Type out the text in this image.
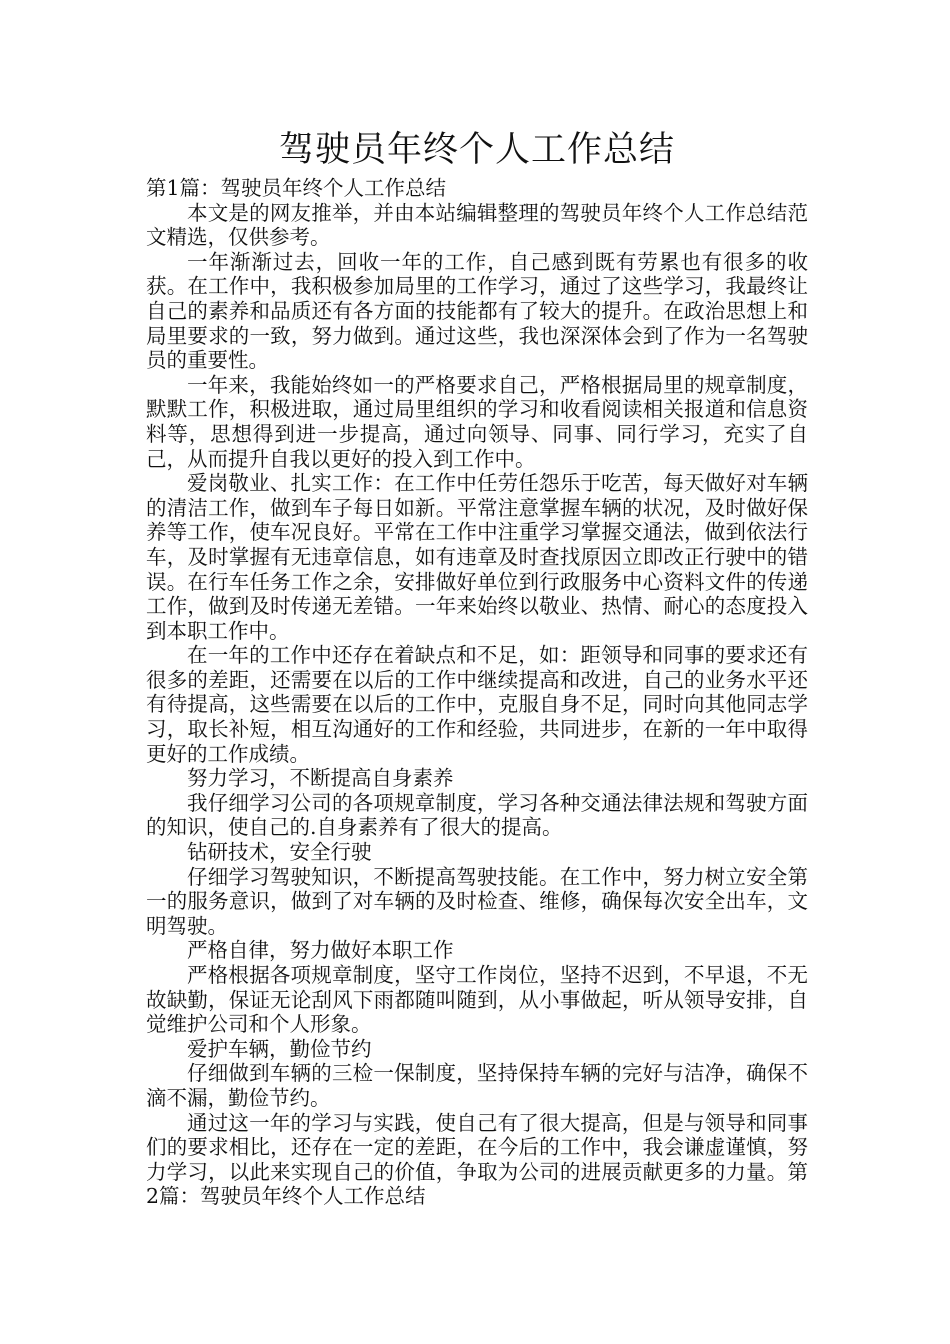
驾驶员年终个人工作总结

第1篇：驾驶员年终个人工作总结

本文是的网友推举，并由本站编辑整理的驾驶员年终个人工作总结范文精选，仅供参考。

一年渐渐过去，回收一年的工作，自己感到既有劳累也有很多的收获。在工作中，我积极参加局里的工作学习，通过了这些学习，我最终让自己的素养和品质还有各方面的技能都有了较大的提升。在政治思想上和局里要求的一致，努力做到。通过这些，我也深深体会到了作为一名驾驶员的重要性。

一年来，我能始终如一的严格要求自己，严格根据局里的规章制度，默默工作，积极进取，通过局里组织的学习和收看阅读相关报道和信息资料等，思想得到进一步提高，通过向领导、同事、同行学习，充实了自己，从而提升自我以更好的投入到工作中。

爱岗敬业、扎实工作：在工作中任劳任怨乐于吃苦，每天做好对车辆的清洁工作，做到车子每日如新。平常注意掌握车辆的状况，及时做好保养等工作，使车况良好。平常在工作中注重学习掌握交通法，做到依法行车，及时掌握有无违章信息，如有违章及时查找原因立即改正行驶中的错误。在行车任务工作之余，安排做好单位到行政服务中心资料文件的传递工作，做到及时传递无差错。一年来始终以敬业、热情、耐心的态度投入到本职工作中。

在一年的工作中还存在着缺点和不足，如：距领导和同事的要求还有很多的差距，还需要在以后的工作中继续提高和改进，自己的业务水平还有待提高，这些需要在以后的工作中，克服自身不足，同时向其他同志学习，取长补短，相互沟通好的工作和经验，共同进步，在新的一年中取得更好的工作成绩。

努力学习，不断提高自身素养

我仔细学习公司的各项规章制度，学习各种交通法律法规和驾驶方面的知识，使自己的.自身素养有了很大的提高。

钻研技术，安全行驶

仔细学习驾驶知识，不断提高驾驶技能。在工作中，努力树立安全第一的服务意识，做到了对车辆的及时检查、维修，确保每次安全出车，文明驾驶。

严格自律，努力做好本职工作

严格根据各项规章制度，坚守工作岗位，坚持不迟到，不早退，不无故缺勤，保证无论刮风下雨都随叫随到，从小事做起，听从领导安排，自觉维护公司和个人形象。

爱护车辆，勤俭节约

仔细做到车辆的三检一保制度，坚持保持车辆的完好与洁净，确保不滴不漏，勤俭节约。

通过这一年的学习与实践，使自己有了很大提高，但是与领导和同事们的要求相比，还存在一定的差距，在今后的工作中，我会谦虚谨慎，努力学习，以此来实现自己的价值，争取为公司的进展贡献更多的力量。第2篇：驾驶员年终个人工作总结
